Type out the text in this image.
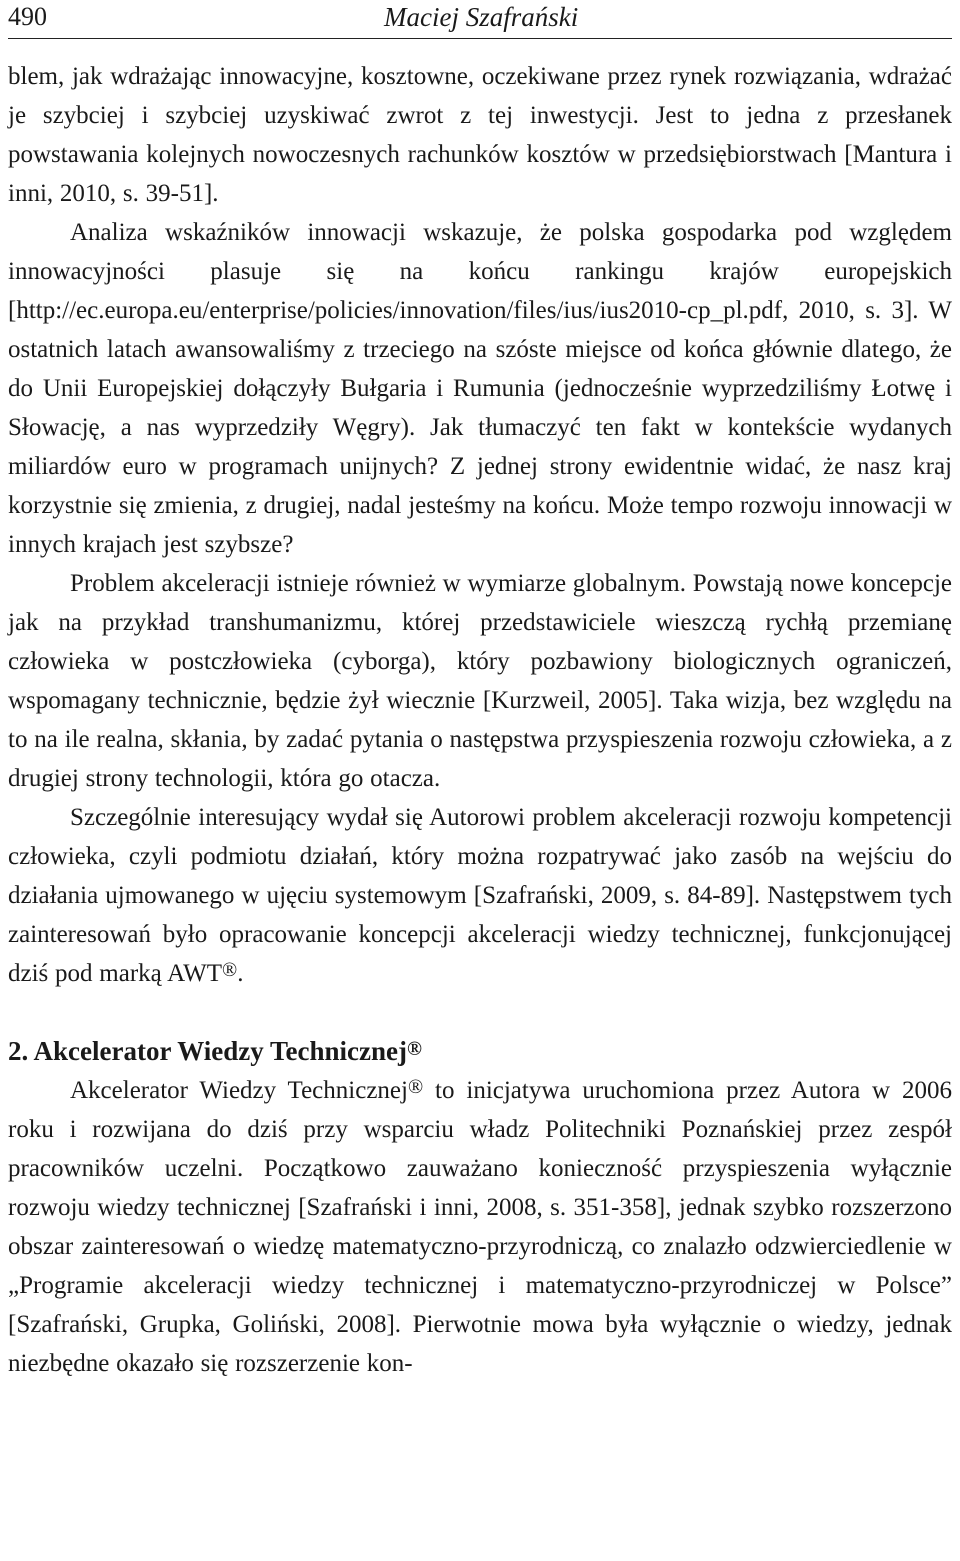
490	Maciej Szafrański

blem, jak wdrażając innowacyjne, kosztowne, oczekiwane przez rynek rozwiązania, wdrażać je szybciej i szybciej uzyskiwać zwrot z tej inwestycji. Jest to jedna z przesłanek powstawania kolejnych nowoczesnych rachunków kosztów w przedsiębiorstwach [Mantura i inni, 2010, s. 39-51].

Analiza wskaźników innowacji wskazuje, że polska gospodarka pod względem innowacyjności plasuje się na końcu rankingu krajów europejskich [http://ec.europa.eu/enterprise/policies/innovation/files/ius/ius2010-cp_pl.pdf, 2010, s. 3]. W ostatnich latach awansowaliśmy z trzeciego na szóste miejsce od końca głównie dlatego, że do Unii Europejskiej dołączyły Bułgaria i Rumunia (jednocześnie wyprzedziliśmy Łotwę i Słowację, a nas wyprzedziły Węgry). Jak tłumaczyć ten fakt w kontekście wydanych miliardów euro w programach unijnych? Z jednej strony ewidentnie widać, że nasz kraj korzystnie się zmienia, z drugiej, nadal jesteśmy na końcu. Może tempo rozwoju innowacji w innych krajach jest szybsze?

Problem akceleracji istnieje również w wymiarze globalnym. Powstają nowe koncepcje jak na przykład transhumanizmu, której przedstawiciele wieszczą rychłą przemianę człowieka w postczłowieka (cyborga), który pozbawiony biologicznych ograniczeń, wspomagany technicznie, będzie żył wiecznie [Kurzweil, 2005]. Taka wizja, bez względu na to na ile realna, skłania, by zadać pytania o następstwa przyspieszenia rozwoju człowieka, a z drugiej strony technologii, która go otacza.

Szczególnie interesujący wydał się Autorowi problem akceleracji rozwoju kompetencji człowieka, czyli podmiotu działań, który można rozpatrywać jako zasób na wejściu do działania ujmowanego w ujęciu systemowym [Szafrański, 2009, s. 84-89]. Następstwem tych zainteresowań było opracowanie koncepcji akceleracji wiedzy technicznej, funkcjonującej dziś pod marką AWT®.

2. Akcelerator Wiedzy Technicznej®

Akcelerator Wiedzy Technicznej® to inicjatywa uruchomiona przez Autora w 2006 roku i rozwijana do dziś przy wsparciu władz Politechniki Poznańskiej przez zespół pracowników uczelni. Początkowo zauważano konieczność przyspieszenia wyłącznie rozwoju wiedzy technicznej [Szafrański i inni, 2008, s. 351-358], jednak szybko rozszerzono obszar zainteresowań o wiedzę matematyczno-przyrodniczą, co znalazło odzwierciedlenie w „Programie akceleracji wiedzy technicznej i matematyczno-przyrodniczej w Polsce” [Szafrański, Grupka, Goliński, 2008]. Pierwotnie mowa była wyłącznie o wiedzy, jednak niezbędne okazało się rozszerzenie kon-
